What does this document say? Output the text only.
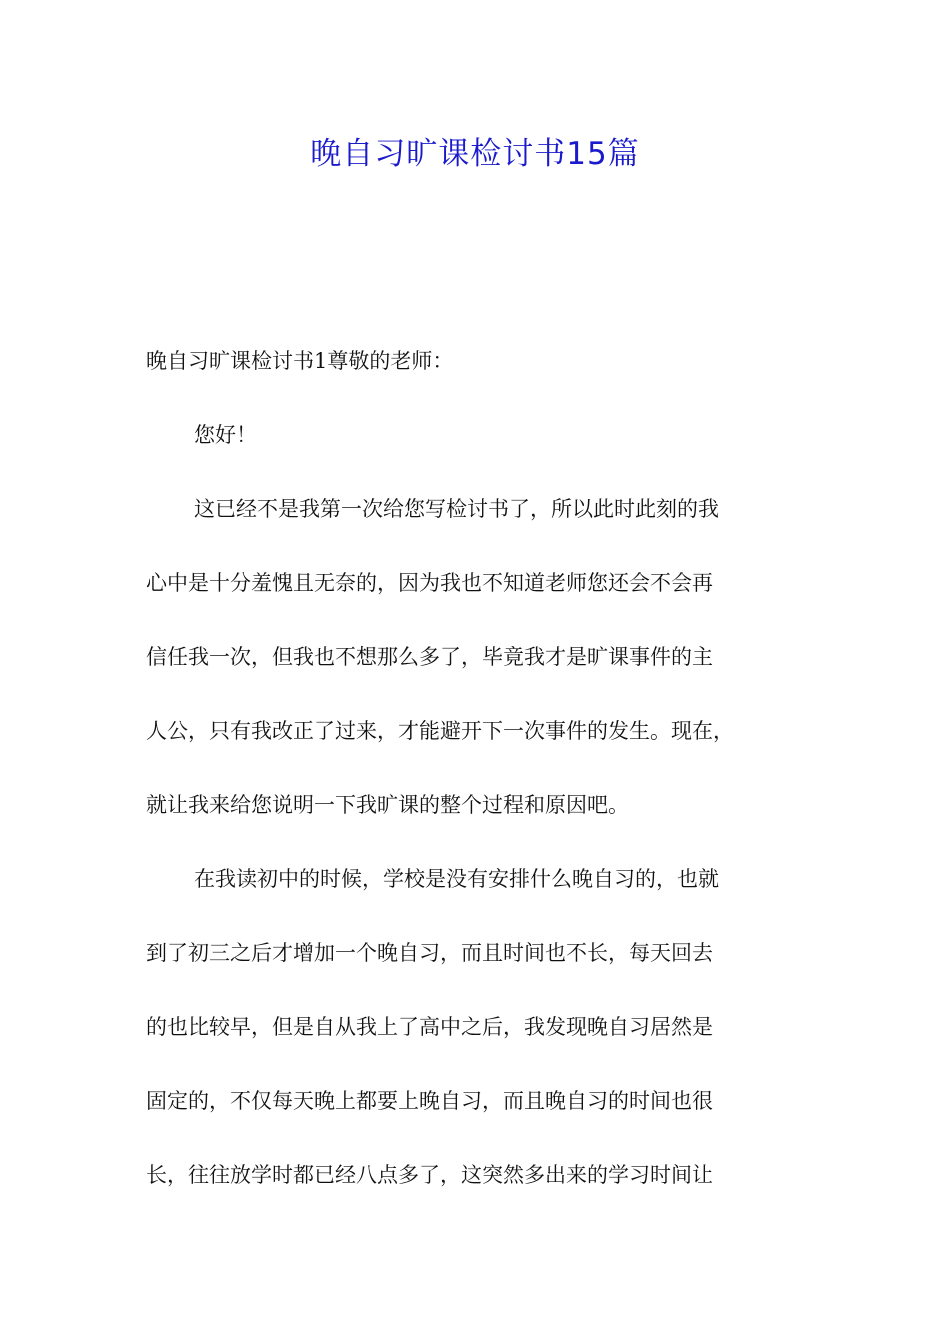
晚自习旷课检讨书15篇

晚自习旷课检讨书1尊敬的老师：

您好！

这已经不是我第一次给您写检讨书了，所以此时此刻的我

心中是十分羞愧且无奈的，因为我也不知道老师您还会不会再

信任我一次，但我也不想那么多了，毕竟我才是旷课事件的主

人公，只有我改正了过来，才能避开下一次事件的发生。现在，

就让我来给您说明一下我旷课的整个过程和原因吧。

在我读初中的时候，学校是没有安排什么晚自习的，也就

到了初三之后才增加一个晚自习，而且时间也不长，每天回去

的也比较早，但是自从我上了高中之后，我发现晚自习居然是

固定的，不仅每天晚上都要上晚自习，而且晚自习的时间也很

长，往往放学时都已经八点多了，这突然多出来的学习时间让
